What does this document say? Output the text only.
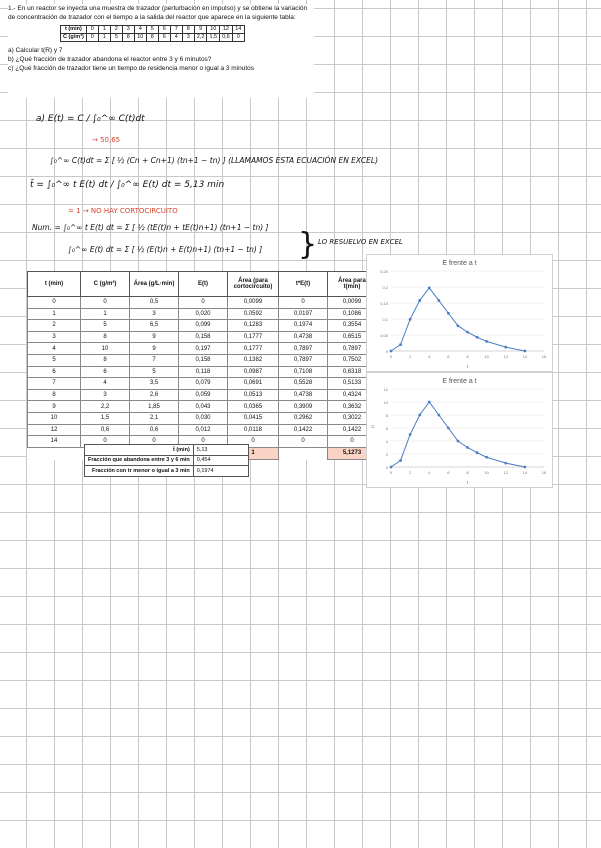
1.- En un reactor se inyecta una muestra de trazador (perturbación en impulso) y se obtiene la variación de concentración de trazador con el tiempo a la salida del reactor que aparece en la siguiente tabla:

t (min)	0	1	2	3	4	5	6	7	8	9	10	12	14
C (g/m³)	0	1	5	8	10	8	6	4	3	2,2	1,5	0,6	0

a) Calcular t(R) y 7

b) ¿Qué fracción de trazador abandona el reactor entre 3 y 6 minutos?

c) ¿Qué fracción de trazador tiene un tiempo de residencia menor o igual a 3 minutos

a) E(t) = C / ∫₀^∞ C(t)dt
→ 50,65
∫₀^∞ C(t)dt = Σ [ ½ (Cn + Cn+1) (tn+1 − tn) ] (LLAMAMOS ESTA ECUACIÓN EN EXCEL)
t̄ = ∫₀^∞ t E(t) dt / ∫₀^∞ E(t) dt = 5,13 min
= 1 → NO HAY CORTOCIRCUITO
Num. = ∫₀^∞ t E(t) dt = Σ [ ½ (tE(t)n + tE(t)n+1) (tn+1 − tn) ]
∫₀^∞ E(t) dt = Σ [ ½ (E(t)n + E(t)n+1) (tn+1 − tn) ] } LO RESUELVO EN EXCEL
t (min)	C (g/m³)	Área (g/L·min)	E(t)	Área (para cortocircuito)	t*E(t)	Área para t(min)
0	0	0,5	0	0,0099	0	0,0099
1	1	3	0,020	0,0592	0,0197	0,1086
2	5	6,5	0,099	0,1283	0,1974	0,3554
3	8	9	0,158	0,1777	0,4738	0,6515
4	10	9	0,197	0,1777	0,7897	0,7897
5	8	7	0,158	0,1382	0,7897	0,7502
6	6	5	0,118	0,0987	0,7108	0,6318
7	4	3,5	0,079	0,0691	0,5528	0,5133
8	3	2,6	0,059	0,0513	0,4738	0,4324
9	2,2	1,85	0,043	0,0365	0,3909	0,3632
10	1,5	2,1	0,030	0,0415	0,2962	0,3022
12	0,6	0,6	0,012	0,0118	0,1422	0,1422
14	0	0	0	0	0	0
				1		5,1273
t̄ (min)	5,13
Fracción que abandona entre 3 y 6 min	0,454
Fracción con tr menor o igual a 3 min	0,1974
E frente a t
0
0,05
0,1
0,15
0,2
0,25
0	2	4	6	8	10	12	14	16
t
E frente a t
0
2
4
6
8
10
12
0	2	4	6	8	10	12	14	16
t
C
